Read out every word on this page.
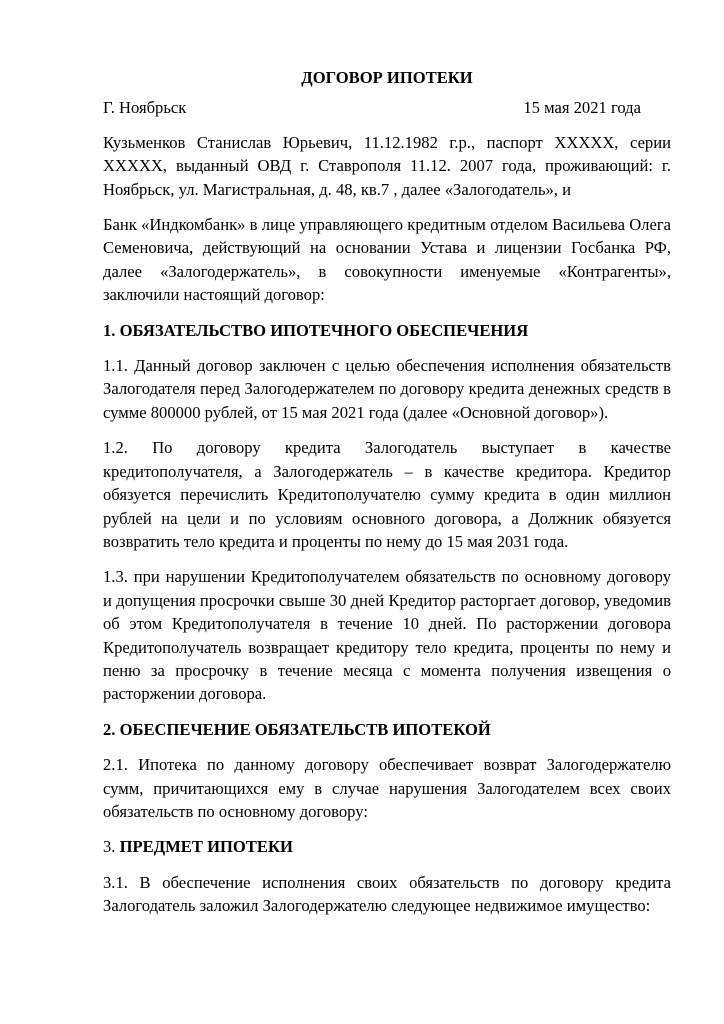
ДОГОВОР ИПОТЕКИ
Г. Ноябрьск	15 мая 2021 года

Кузьменков Станислав Юрьевич, 11.12.1982 г.р., паспорт ХХХХХ, серии ХХХХХ, выданный ОВД г. Ставрополя 11.12. 2007 года, проживающий: г. Ноябрьск, ул. Магистральная, д. 48, кв.7 , далее «Залогодатель», и

Банк «Индкомбанк» в лице управляющего кредитным отделом Васильева Олега Семеновича, действующий на основании Устава и лицензии Госбанка РФ, далее «Залогодержатель», в совокупности именуемые «Контрагенты», заключили настоящий договор:

1. ОБЯЗАТЕЛЬСТВО ИПОТЕЧНОГО ОБЕСПЕЧЕНИЯ

1.1. Данный договор заключен с целью обеспечения исполнения обязательств Залогодателя перед Залогодержателем по договору кредита денежных средств в сумме 800000 рублей, от 15 мая 2021 года (далее «Основной договор»).

1.2. По договору кредита Залогодатель выступает в качестве кредитополучателя, а Залогодержатель – в качестве кредитора. Кредитор обязуется перечислить Кредитополучателю сумму кредита в один миллион рублей на цели и по условиям основного договора, а Должник обязуется возвратить тело кредита и проценты по нему до 15 мая 2031 года.

1.3. при нарушении Кредитополучателем обязательств по основному договору и допущения просрочки свыше 30 дней Кредитор расторгает договор, уведомив об этом Кредитополучателя в течение 10 дней. По расторжении договора Кредитополучатель возвращает кредитору тело кредита, проценты по нему и пеню за просрочку в течение месяца с момента получения извещения о расторжении договора.

2. ОБЕСПЕЧЕНИЕ ОБЯЗАТЕЛЬСТВ ИПОТЕКОЙ

2.1. Ипотека по данному договору обеспечивает возврат Залогодержателю сумм, причитающихся ему в случае нарушения Залогодателем всех своих обязательств по основному договору:

3. ПРЕДМЕТ ИПОТЕКИ

3.1. В обеспечение исполнения своих обязательств по договору кредита Залогодатель заложил Залогодержателю следующее недвижимое имущество:
